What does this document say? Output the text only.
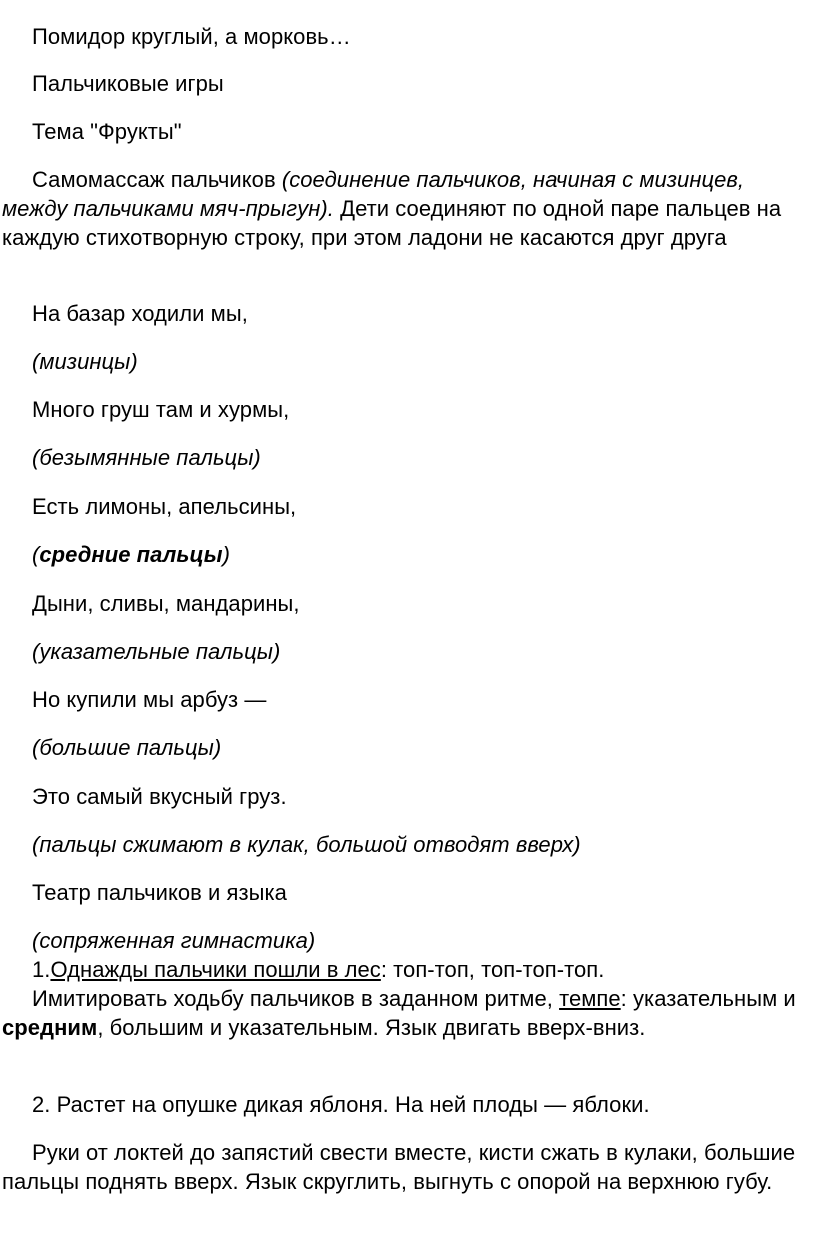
Помидор круглый, а морковь…

Пальчиковые игры

Тема "Фрукты"

Самомассаж пальчиков (соединение пальчиков, начиная с мизинцев, между пальчиками мяч-прыгун). Дети соединяют по одной паре пальцев на каждую стихотворную строку, при этом ладони не касаются друг друга

На базар ходили мы,

(мизинцы)

Много груш там и хурмы,

(безымянные пальцы)

Есть лимоны, апельсины,

(средние пальцы)

Дыни, сливы, мандарины,

(указательные пальцы)

Но купили мы арбуз —

(большие пальцы)

Это самый вкусный груз.

(пальцы сжимают в кулак, большой отводят вверх)

Театр пальчиков и языка

(сопряженная гимнастика)

1.Однажды пальчики пошли в лес: топ-топ, топ-топ-топ.

Имитировать ходьбу пальчиков в заданном ритме, темпе: указательным и средним, большим и указательным. Язык двигать вверх-вниз.

2. Растет на опушке дикая яблоня. На ней плоды — яблоки.

Руки от локтей до запястий свести вместе, кисти сжать в кулаки, большие пальцы поднять вверх. Язык скруглить, выгнуть с опорой на верхнюю губу.
